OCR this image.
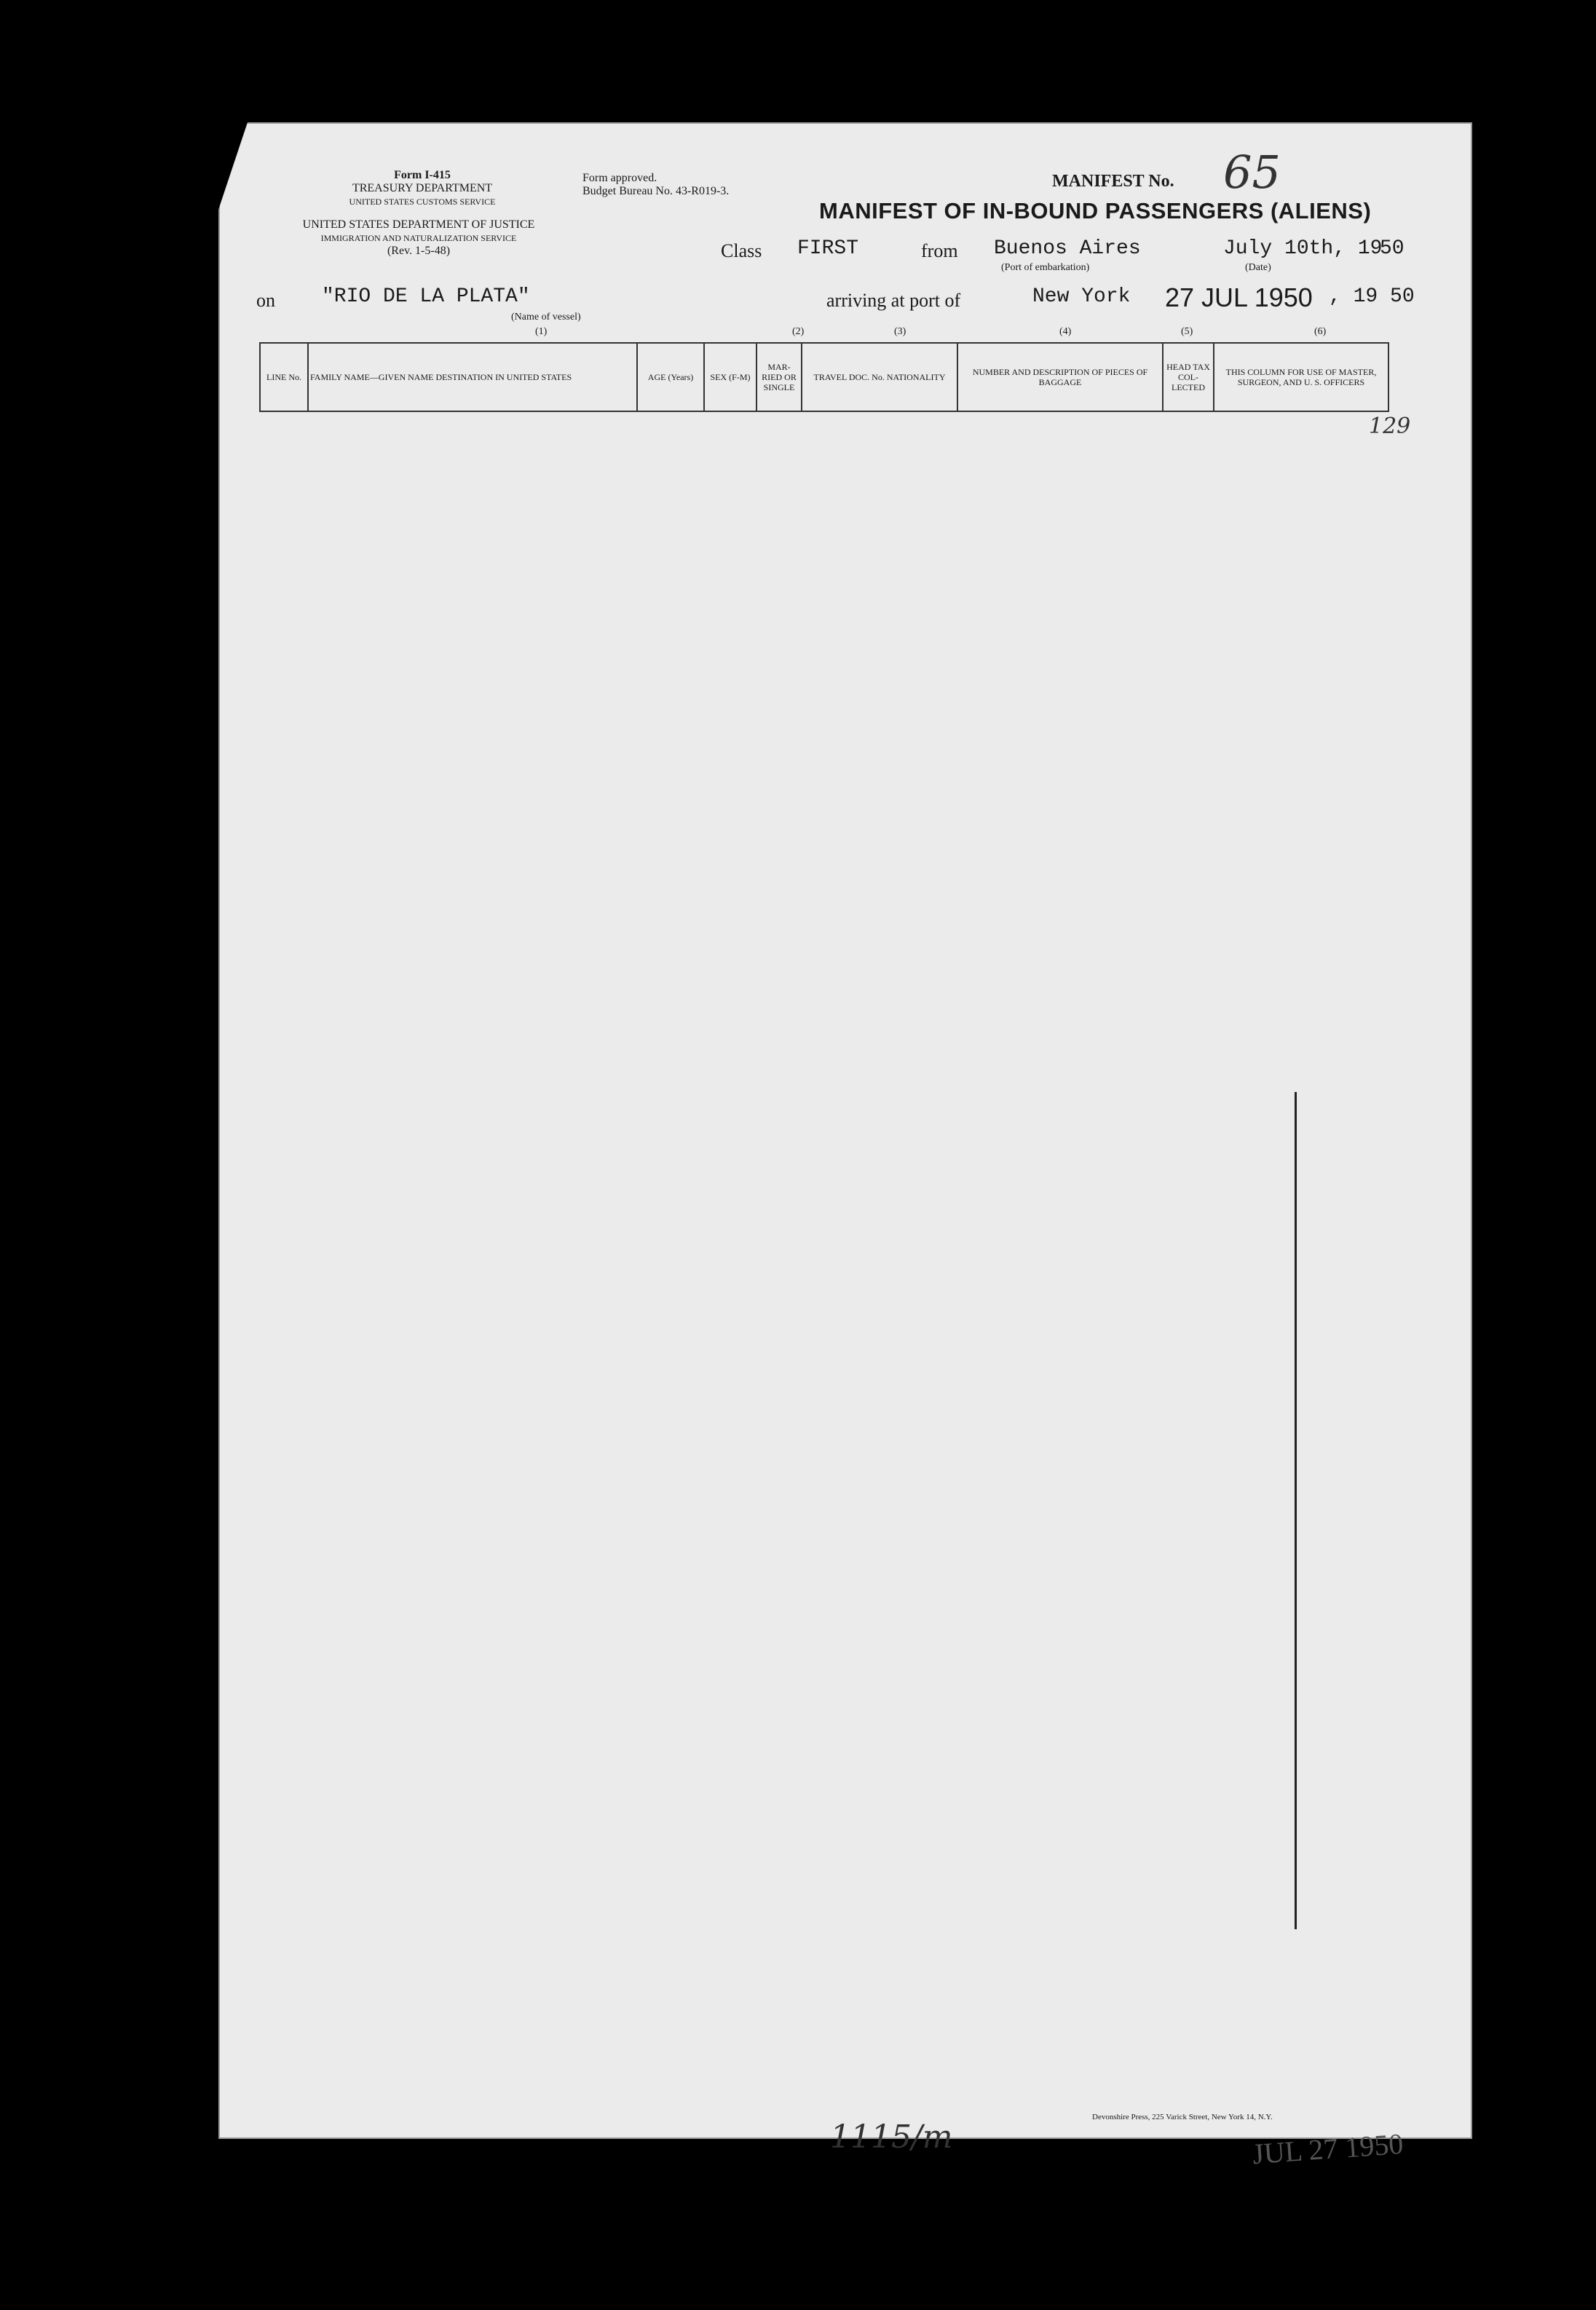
Form I-415
TREASURY DEPARTMENT
UNITED STATES CUSTOMS SERVICE
UNITED STATES DEPARTMENT OF JUSTICE
IMMIGRATION AND NATURALIZATION SERVICE
(Rev. 1-5-48)
Form approved.
Budget Bureau No. 43-R019-3.
MANIFEST No. 65
MANIFEST OF IN-BOUND PASSENGERS (ALIENS)
Class FIRST	from Buenos Aires
(Port of embarkation)
July 10th, 19
50
(Date)
on "RIO DE LA PLATA"
(Name of vessel)
arriving at port of	New York 27 JUL 1950 , 19 50
(1)	(2)	(3)	(4)	(5)	(6)
LINE No.	FAMILY NAME—GIVEN NAME DESTINATION IN UNITED STATES	AGE (Years)	SEX (F-M)	MAR-RIED OR SINGLE	TRAVEL DOC. No. NATIONALITY	NUMBER AND DESCRIPTION OF PIECES OF BAGGAGE	HEAD TAX COL-LECTED	THIS COLUMN FOR USE OF MASTER, SURGEON, AND U. S. OFFICERS
129
Devonshire Press, 225 Varick Street, New York 14, N.Y.
JUL 27 1950
1115/m
